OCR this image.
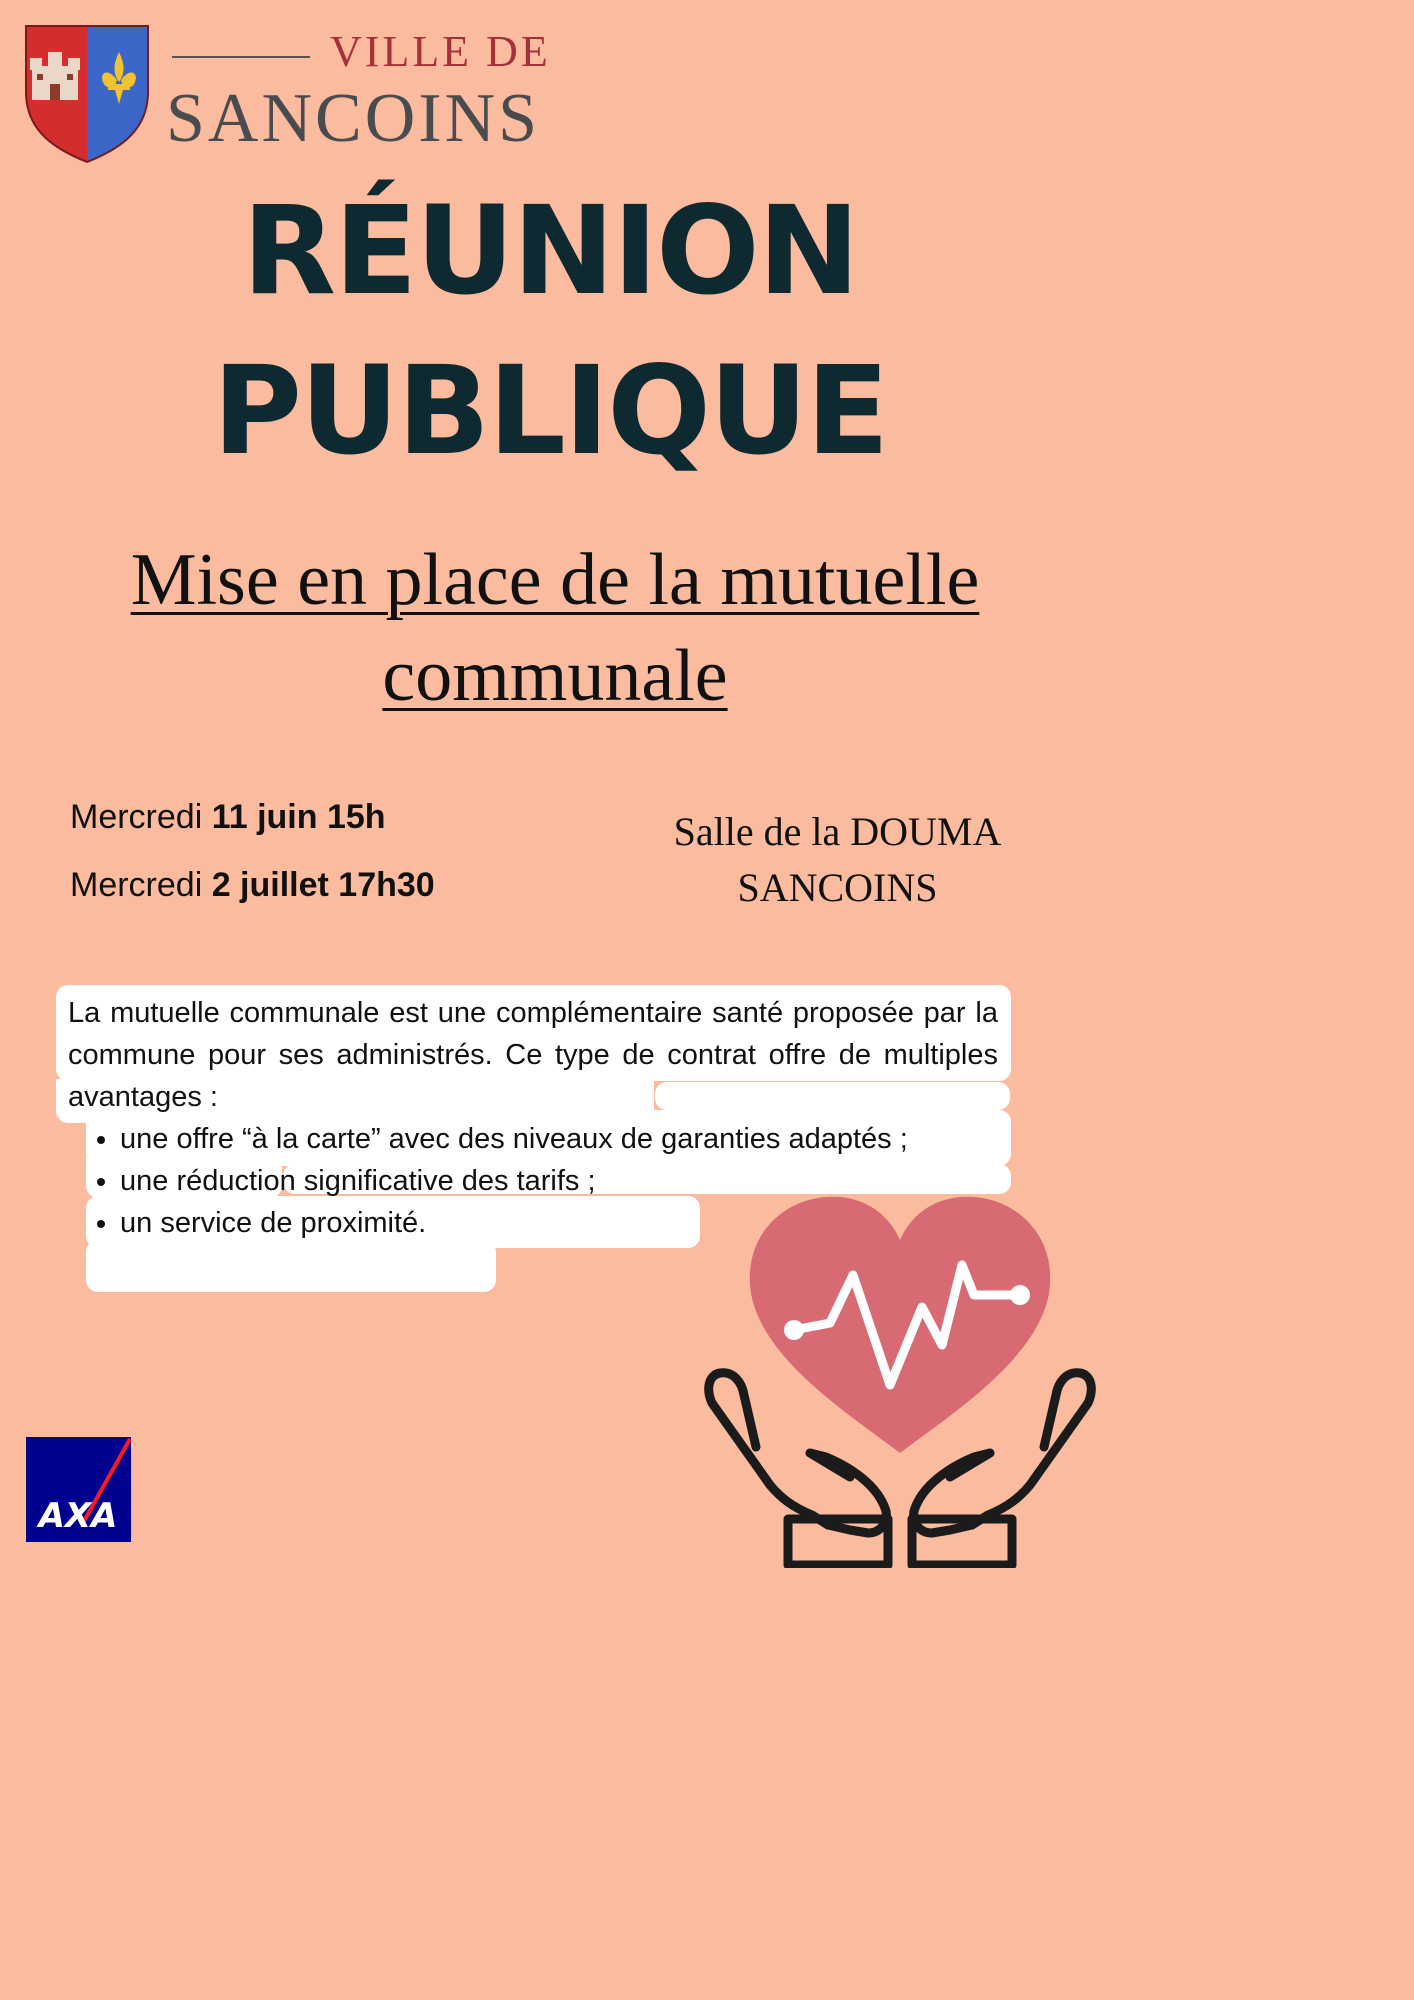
VILLE DE
SANCOINS
RÉUNION
PUBLIQUE
Mise en place de la mutuelle
communale
Mercredi 11 juin 15h
Mercredi 2 juillet 17h30
Salle de la DOUMA
SANCOINS
La mutuelle communale est une complémentaire santé proposée par la commune pour ses administrés. Ce type de contrat offre de multiples avantages :
• une offre “à la carte” avec des niveaux de garanties adaptés ;
• une réduction significative des tarifs ;
• un service de proximité.
AXA
